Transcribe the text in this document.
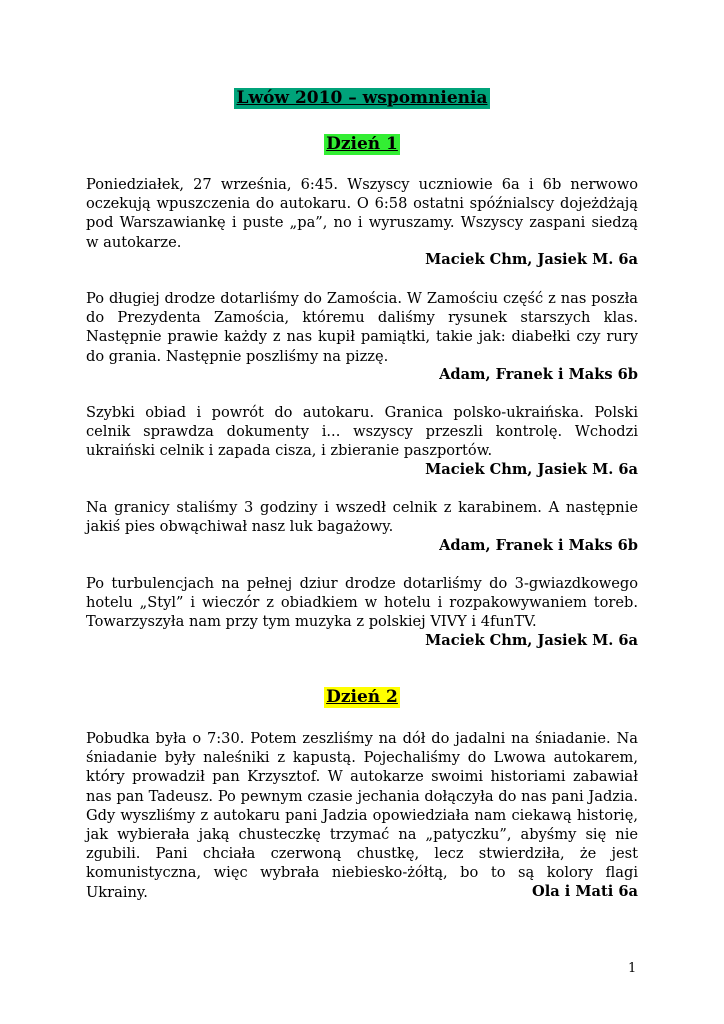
Lwów 2010 – wspomnienia
Dzień 1
Poniedziałek, 27 września, 6:45. Wszyscy uczniowie 6a i 6b nerwowo oczekują wpuszczenia do autokaru. O 6:58 ostatni spóźnialscy dojeżdżają pod Warszawiankę i puste „pa”, no i wyruszamy. Wszyscy zaspani siedzą w autokarze.
Maciek Chm, Jasiek M. 6a
Po długiej drodze dotarliśmy do Zamościa. W Zamościu część z nas poszła do Prezydenta Zamościa, któremu daliśmy rysunek starszych klas. Następnie prawie każdy z nas kupił pamiątki, takie jak: diabełki czy rury do grania. Następnie poszliśmy na pizzę.
Adam, Franek i Maks 6b
Szybki obiad i powrót do autokaru. Granica polsko-ukraińska. Polski celnik sprawdza dokumenty i... wszyscy przeszli kontrolę. Wchodzi ukraiński celnik i zapada cisza, i zbieranie paszportów.
Maciek Chm, Jasiek M. 6a
Na granicy staliśmy 3 godziny i wszedł celnik z karabinem. A następnie jakiś pies obwąchiwał nasz luk bagażowy.
Adam, Franek i Maks 6b
Po turbulencjach na pełnej dziur drodze dotarliśmy do 3-gwiazdkowego hotelu „Styl” i wieczór z obiadkiem w hotelu i rozpakowywaniem toreb. Towarzyszyła nam przy tym muzyka z polskiej VIVY i 4funTV.
Maciek Chm, Jasiek M. 6a
Dzień 2
Pobudka była o 7:30. Potem zeszliśmy na dół do jadalni na śniadanie. Na śniadanie były naleśniki z kapustą. Pojechaliśmy do Lwowa autokarem, który prowadził pan Krzysztof. W autokarze swoimi historiami zabawiał nas pan Tadeusz. Po pewnym czasie jechania dołączyła do nas pani Jadzia. Gdy wyszliśmy z autokaru pani Jadzia opowiedziała nam ciekawą historię, jak wybierała jaką chusteczkę trzymać na „patyczku”, abyśmy się nie zgubili. Pani chciała czerwoną chustkę, lecz stwierdziła, że jest komunistyczna, więc wybrała niebiesko-żółtą, bo to są kolory flagi Ukrainy.	Ola i Mati 6a
1
